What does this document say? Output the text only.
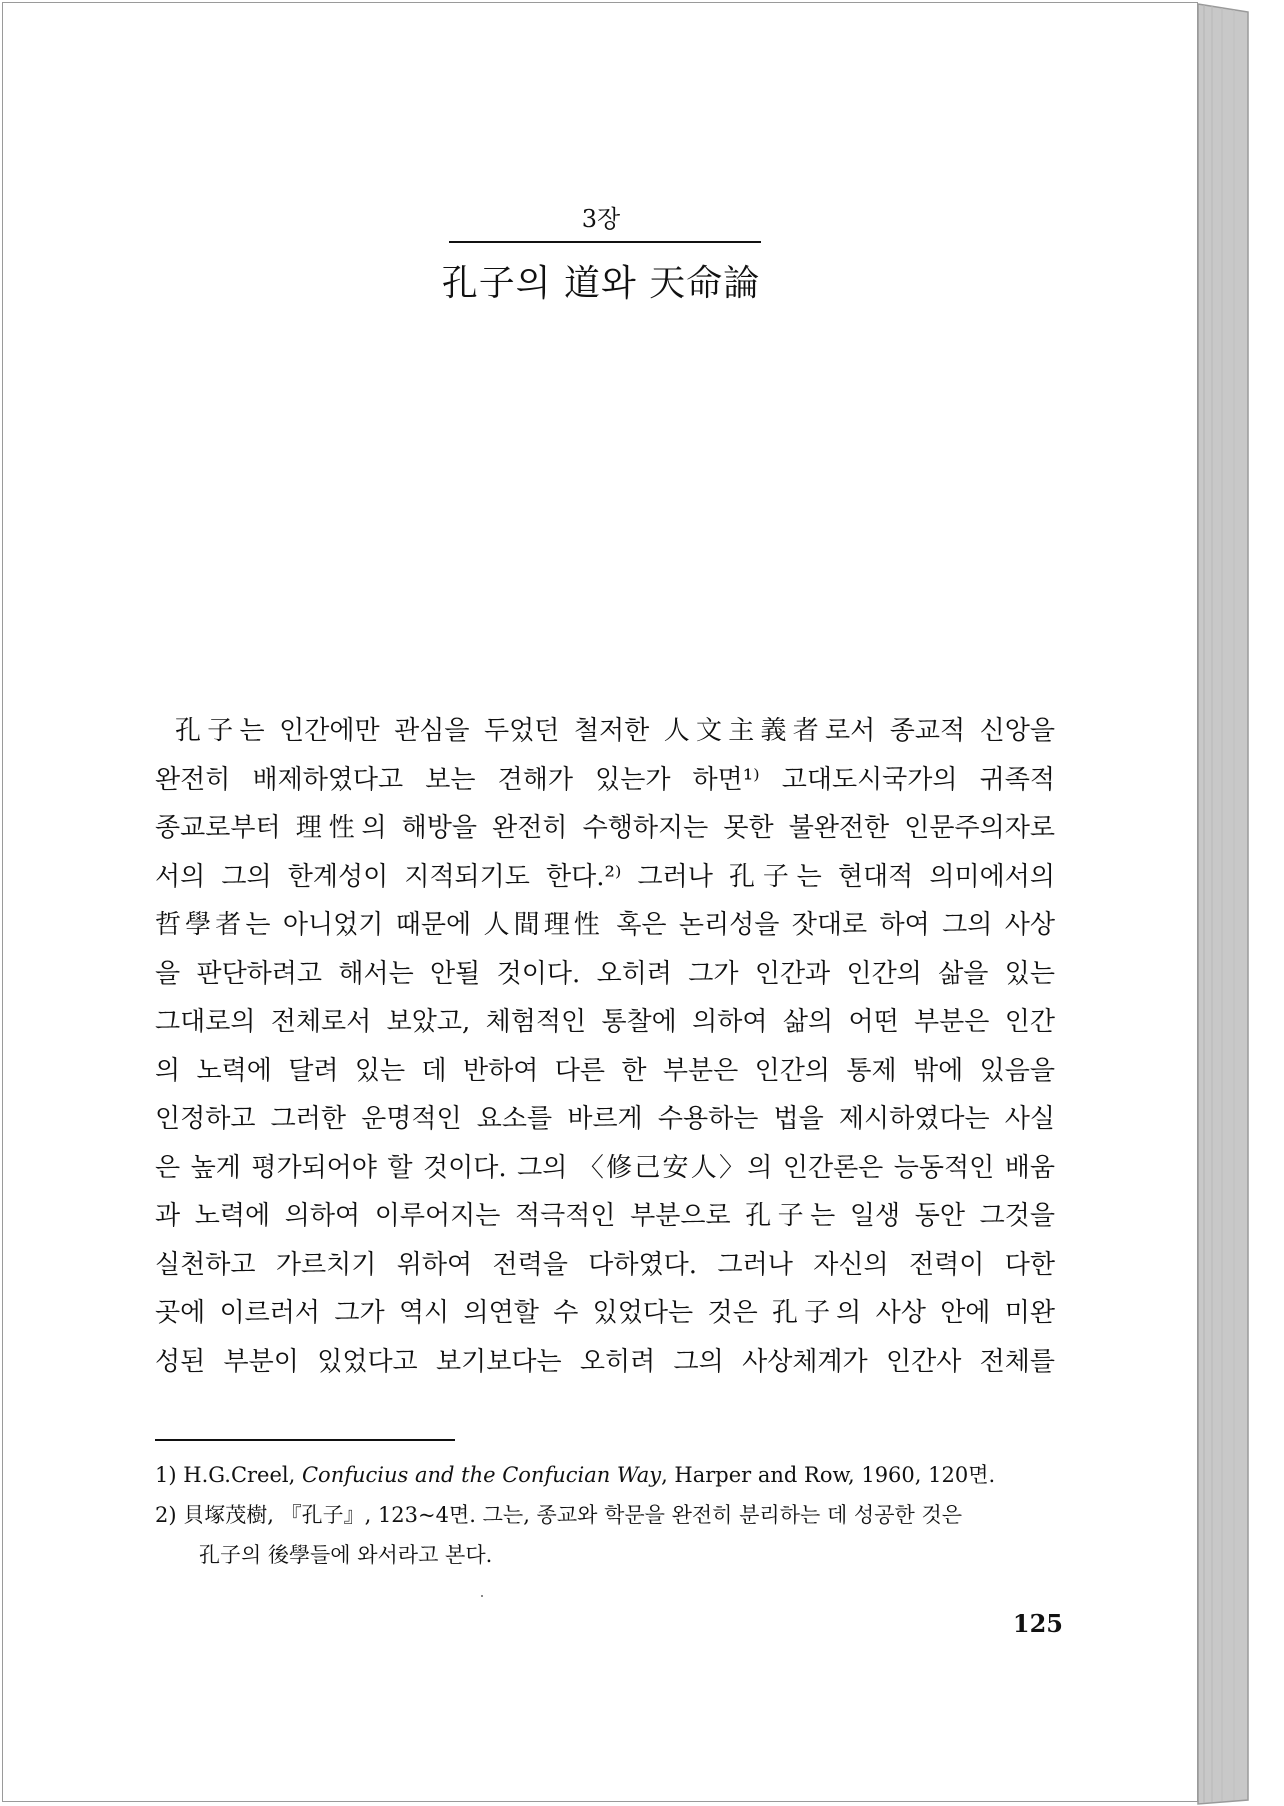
3장
孔子의 道와 天命論
孔子는 인간에만 관심을 두었던 철저한 人文主義者로서 종교적 신앙을
완전히 배제하였다고 보는 견해가 있는가 하면¹⁾ 고대도시국가의 귀족적
종교로부터 理性의 해방을 완전히 수행하지는 못한 불완전한 인문주의자로
서의 그의 한계성이 지적되기도 한다.²⁾ 그러나 孔子는 현대적 의미에서의
哲學者는 아니었기 때문에 人間理性 혹은 논리성을 잣대로 하여 그의 사상
을 판단하려고 해서는 안될 것이다. 오히려 그가 인간과 인간의 삶을 있는
그대로의 전체로서 보았고, 체험적인 통찰에 의하여 삶의 어떤 부분은 인간
의 노력에 달려 있는 데 반하여 다른 한 부분은 인간의 통제 밖에 있음을
인정하고 그러한 운명적인 요소를 바르게 수용하는 법을 제시하였다는 사실
은 높게 평가되어야 할 것이다. 그의 〈修己安人〉의 인간론은 능동적인 배움
과 노력에 의하여 이루어지는 적극적인 부분으로 孔子는 일생 동안 그것을
실천하고 가르치기 위하여 전력을 다하였다. 그러나 자신의 전력이 다한
곳에 이르러서 그가 역시 의연할 수 있었다는 것은 孔子의 사상 안에 미완
성된 부분이 있었다고 보기보다는 오히려 그의 사상체계가 인간사 전체를
1) H.G.Creel, Confucius and the Confucian Way, Harper and Row, 1960, 120면.
2) 貝塚茂樹, 『孔子』, 123~4면. 그는, 종교와 학문을 완전히 분리하는 데 성공한 것은
孔子의 後學들에 와서라고 본다.
125
